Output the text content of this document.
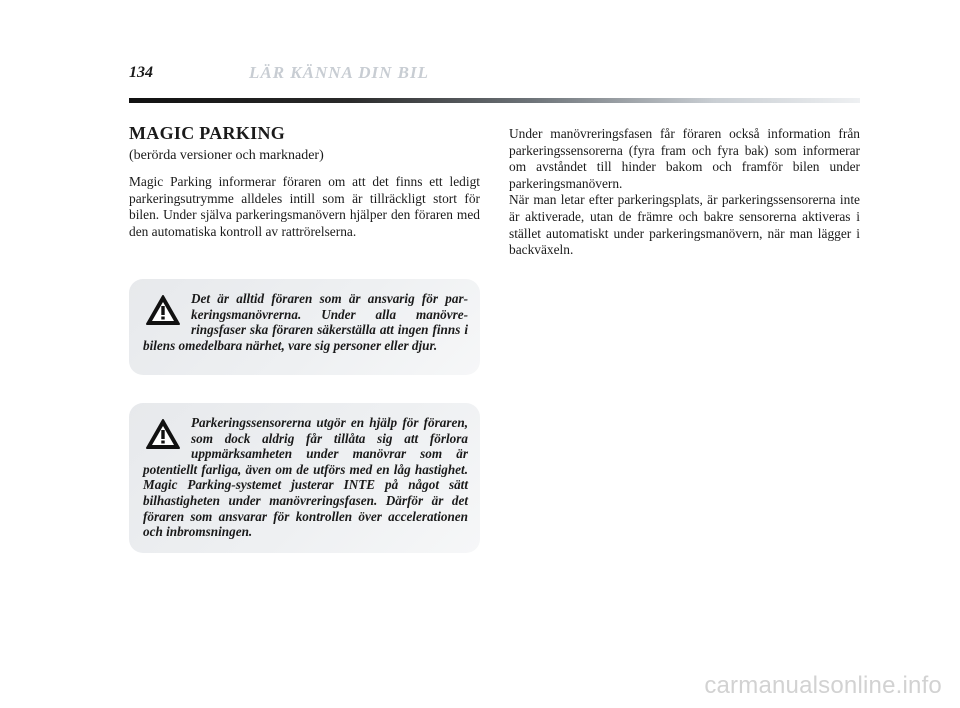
134	LÄR KÄNNA DIN BIL
MAGIC PARKING
(berörda versioner och marknader)

Magic Parking informerar föraren om att det finns ett ledigt parkeringsutrymme alldeles intill som är tillräckligt stort för bilen. Under själva parkeringsmanövern hjälper den föraren med den automatiska kontroll av rattrörelserna.

Det är alltid föraren som är ansvarig för parkeringsmanövrerna. Under alla manövreringsfaser ska föraren säkerställa att ingen finns i bilens omedelbara närhet, vare sig personer eller djur.

Parkeringssensorerna utgör en hjälp för föraren, som dock aldrig får tillåta sig att förlora uppmärksamheten under manövrar som är potentiellt farliga, även om de utförs med en låg hastighet. Magic Parking-systemet justerar INTE på något sätt bilhastigheten under manövreringsfasen. Därför är det föraren som ansvarar för kontrollen över accelerationen och inbromsningen.

Under manövreringsfasen får föraren också information från parkeringssensorerna (fyra fram och fyra bak) som informerar om avståndet till hinder bakom och framför bilen under parkeringsmanövern.

När man letar efter parkeringsplats, är parkeringssensorerna inte är aktiverade, utan de främre och bakre sensorerna aktiveras i stället automatiskt under parkeringsmanövern, när man lägger i backväxeln.

carmanualsonline.info
